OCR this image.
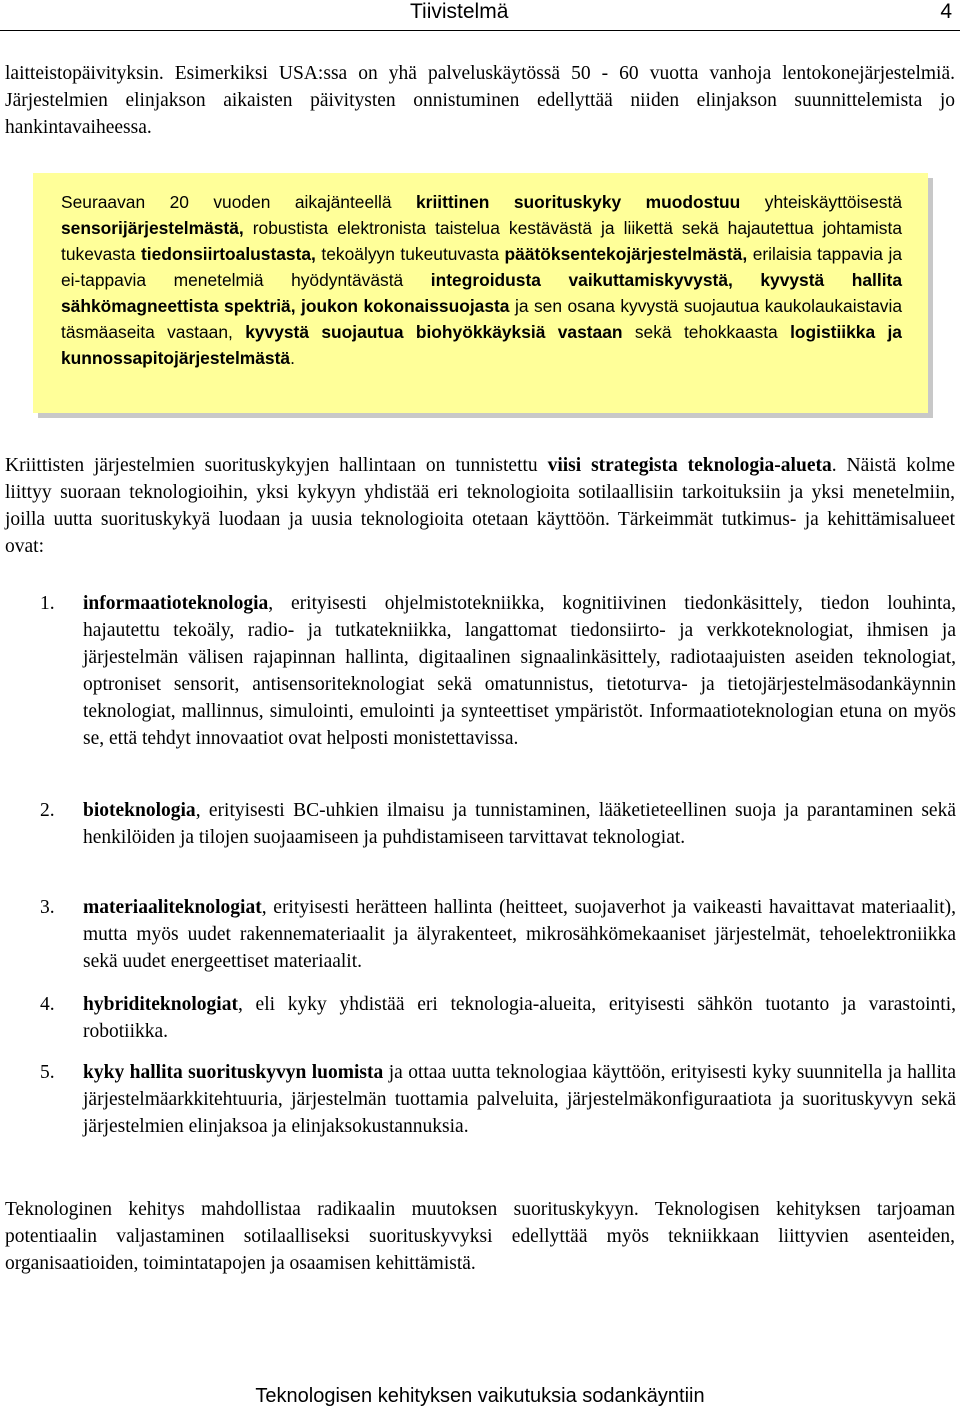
Tiivistelmä	4
laitteistopäivityksin. Esimerkiksi USA:ssa on yhä palveluskäytössä 50 - 60 vuotta vanhoja lentokonejärjestelmiä. Järjestelmien elinjakson aikaisten päivitysten onnistuminen edellyttää niiden elinjakson suunnittelemista jo hankintavaiheessa.

Seuraavan 20 vuoden aikajänteellä kriittinen suorituskyky muodostuu yhteiskäyttöisestä sensorijärjestelmästä, robustista elektronista taistelua kestävästä ja liikettä sekä hajautettua johtamista tukevasta tiedonsiirtoalustasta, tekoälyyn tukeutuvasta päätöksentekojärjestelmästä, erilaisia tappavia ja ei-tappavia menetelmiä hyödyntävästä integroidusta vaikuttamiskyvystä, kyvystä hallita sähkömagneettista spektriä, joukon kokonaissuojasta ja sen osana kyvystä suojautua kaukolaukaistavia täsmäaseita vastaan, kyvystä suojautua biohyökkäyksiä vastaan sekä tehokkaasta logistiikka ja kunnossapitojärjestelmästä.

Kriittisten järjestelmien suorituskykyjen hallintaan on tunnistettu viisi strategista teknologia-alueta. Näistä kolme liittyy suoraan teknologioihin, yksi kykyyn yhdistää eri teknologioita sotilaallisiin tarkoituksiin ja yksi menetelmiin, joilla uutta suorituskykyä luodaan ja uusia teknologioita otetaan käyttöön. Tärkeimmät tutkimus- ja kehittämisalueet ovat:
1.	informaatioteknologia, erityisesti ohjelmistotekniikka, kognitiivinen tiedonkäsittely, tiedon louhinta, hajautettu tekoäly, radio- ja tutkatekniikka, langattomat tiedonsiirto- ja verkkoteknologiat, ihmisen ja järjestelmän välisen rajapinnan hallinta, digitaalinen signaalinkäsittely, radiotaajuisten aseiden teknologiat, optroniset sensorit, antisensoriteknologiat sekä omatunnistus, tietoturva- ja tietojärjestelmäsodankäynnin teknologiat, mallinnus, simulointi, emulointi ja synteettiset ympäristöt. Informaatioteknologian etuna on myös se, että tehdyt innovaatiot ovat helposti monistettavissa.
2.	bioteknologia, erityisesti BC-uhkien ilmaisu ja tunnistaminen, lääketieteellinen suoja ja parantaminen sekä henkilöiden ja tilojen suojaamiseen ja puhdistamiseen tarvittavat teknologiat.
3.	materiaaliteknologiat, erityisesti herätteen hallinta (heitteet, suojaverhot ja vaikeasti havaittavat materiaalit), mutta myös uudet rakennemateriaalit ja älyrakenteet, mikrosähkömekaaniset järjestelmät, tehoelektroniikka sekä uudet energeettiset materiaalit.
4.	hybriditeknologiat, eli kyky yhdistää eri teknologia-alueita, erityisesti sähkön tuotanto ja varastointi, robotiikka.
5.	kyky hallita suorituskyvyn luomista ja ottaa uutta teknologiaa käyttöön, erityisesti kyky suunnitella ja hallita järjestelmäarkkitehtuuria, järjestelmän tuottamia palveluita, järjestelmäkonfiguraatiota ja suorituskyvyn sekä järjestelmien elinjaksoa ja elinjaksokustannuksia.
Teknologinen kehitys mahdollistaa radikaalin muutoksen suorituskykyyn. Teknologisen kehityksen tarjoaman potentiaalin valjastaminen sotilaalliseksi suorituskyvyksi edellyttää myös tekniikkaan liittyvien asenteiden, organisaatioiden, toimintatapojen ja osaamisen kehittämistä.
Teknologisen kehityksen vaikutuksia sodankäyntiin
